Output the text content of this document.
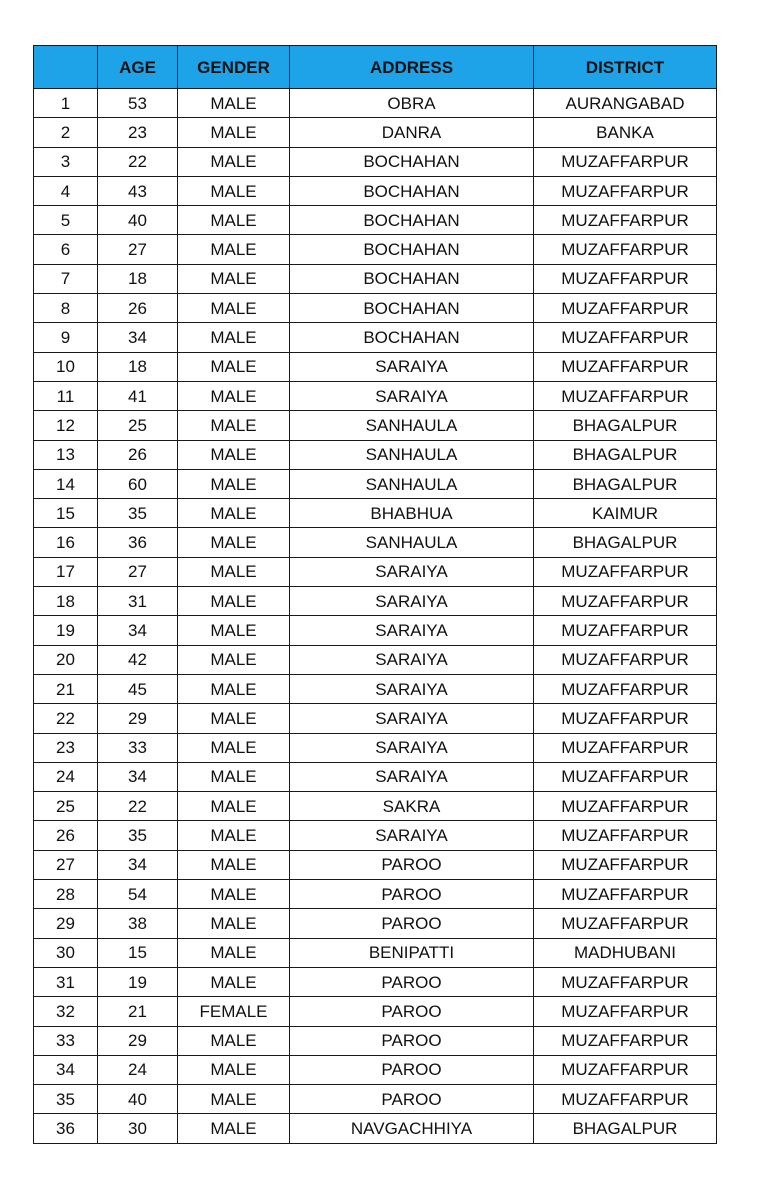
	AGE	GENDER	ADDRESS	DISTRICT
1	53	MALE	OBRA	AURANGABAD
2	23	MALE	DANRA	BANKA
3	22	MALE	BOCHAHAN	MUZAFFARPUR
4	43	MALE	BOCHAHAN	MUZAFFARPUR
5	40	MALE	BOCHAHAN	MUZAFFARPUR
6	27	MALE	BOCHAHAN	MUZAFFARPUR
7	18	MALE	BOCHAHAN	MUZAFFARPUR
8	26	MALE	BOCHAHAN	MUZAFFARPUR
9	34	MALE	BOCHAHAN	MUZAFFARPUR
10	18	MALE	SARAIYA	MUZAFFARPUR
11	41	MALE	SARAIYA	MUZAFFARPUR
12	25	MALE	SANHAULA	BHAGALPUR
13	26	MALE	SANHAULA	BHAGALPUR
14	60	MALE	SANHAULA	BHAGALPUR
15	35	MALE	BHABHUA	KAIMUR
16	36	MALE	SANHAULA	BHAGALPUR
17	27	MALE	SARAIYA	MUZAFFARPUR
18	31	MALE	SARAIYA	MUZAFFARPUR
19	34	MALE	SARAIYA	MUZAFFARPUR
20	42	MALE	SARAIYA	MUZAFFARPUR
21	45	MALE	SARAIYA	MUZAFFARPUR
22	29	MALE	SARAIYA	MUZAFFARPUR
23	33	MALE	SARAIYA	MUZAFFARPUR
24	34	MALE	SARAIYA	MUZAFFARPUR
25	22	MALE	SAKRA	MUZAFFARPUR
26	35	MALE	SARAIYA	MUZAFFARPUR
27	34	MALE	PAROO	MUZAFFARPUR
28	54	MALE	PAROO	MUZAFFARPUR
29	38	MALE	PAROO	MUZAFFARPUR
30	15	MALE	BENIPATTI	MADHUBANI
31	19	MALE	PAROO	MUZAFFARPUR
32	21	FEMALE	PAROO	MUZAFFARPUR
33	29	MALE	PAROO	MUZAFFARPUR
34	24	MALE	PAROO	MUZAFFARPUR
35	40	MALE	PAROO	MUZAFFARPUR
36	30	MALE	NAVGACHHIYA	BHAGALPUR
